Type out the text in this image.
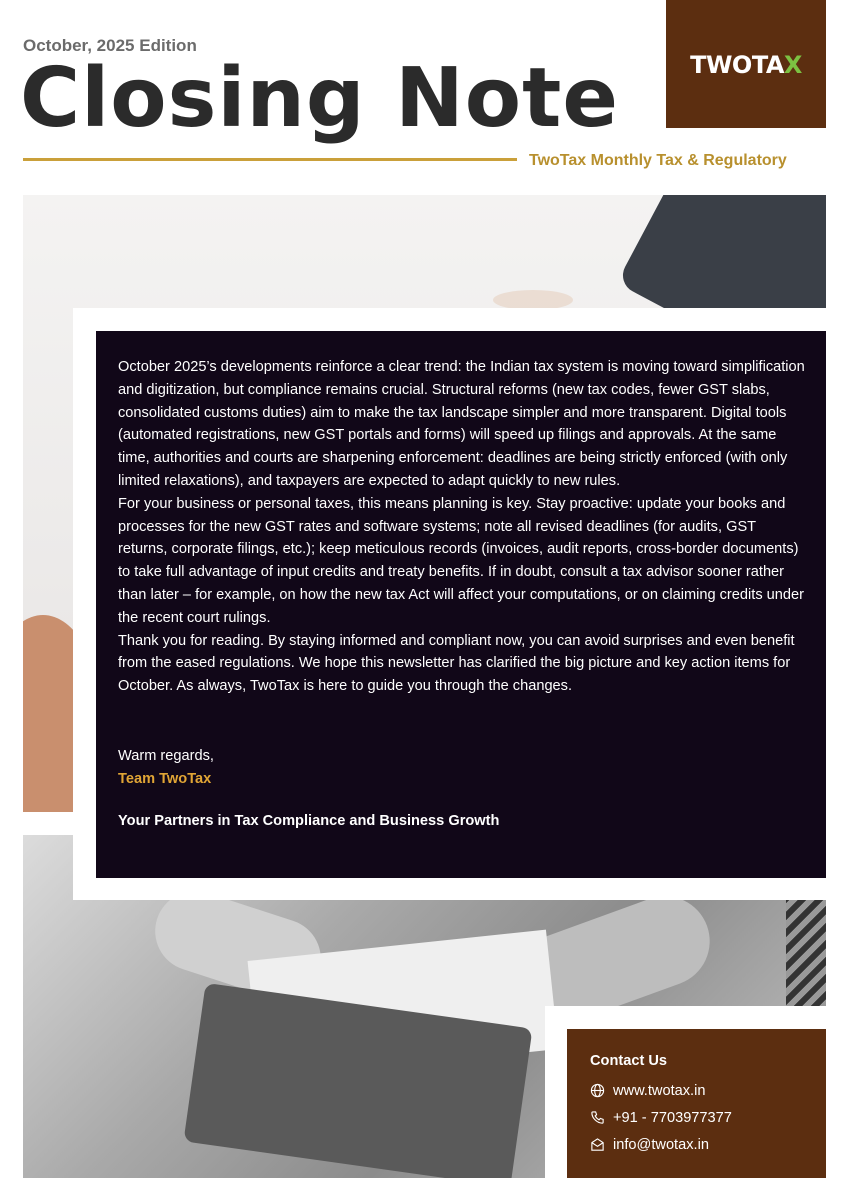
October, 2025 Edition
Closing Note	TWOTAX
TwoTax Monthly Tax & Regulatory

October 2025’s developments reinforce a clear trend: the Indian tax system is moving toward simplification and digitization, but compliance remains crucial. Structural reforms (new tax codes, fewer GST slabs, consolidated customs duties) aim to make the tax landscape simpler and more transparent. Digital tools (automated registrations, new GST portals and forms) will speed up filings and approvals. At the same time, authorities and courts are sharpening enforcement: deadlines are being strictly enforced (with only limited relaxations), and taxpayers are expected to adapt quickly to new rules.

For your business or personal taxes, this means planning is key. Stay proactive: update your books and processes for the new GST rates and software systems; note all revised deadlines (for audits, GST returns, corporate filings, etc.); keep meticulous records (invoices, audit reports, cross-border documents) to take full advantage of input credits and treaty benefits. If in doubt, consult a tax advisor sooner rather than later – for example, on how the new tax Act will affect your computations, or on claiming credits under the recent court rulings.

Thank you for reading. By staying informed and compliant now, you can avoid surprises and even benefit from the eased regulations. We hope this newsletter has clarified the big picture and key action items for October. As always, TwoTax is here to guide you through the changes.

Warm regards,
Team TwoTax
Your Partners in Tax Compliance and Business Growth
Contact Us
www.twotax.in
+91 - 7703977377
info@twotax.in
